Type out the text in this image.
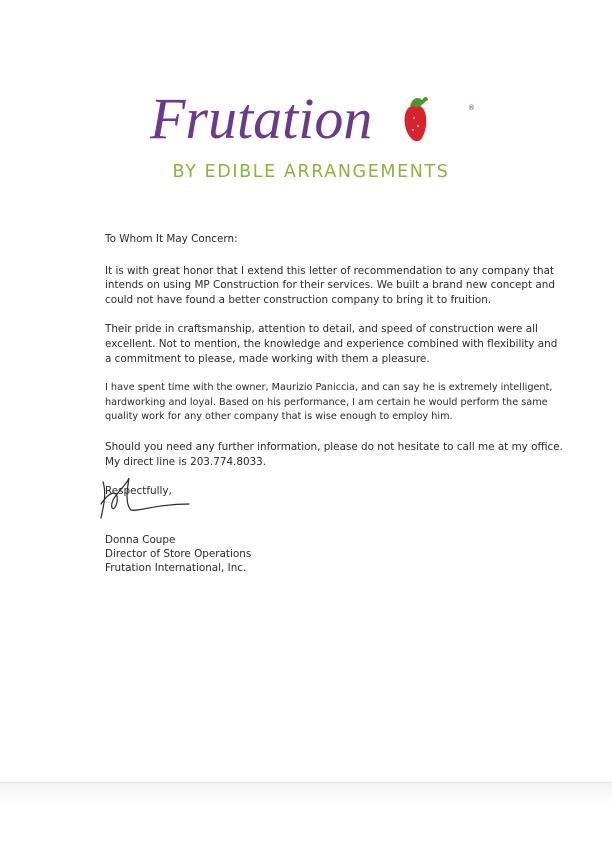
Frutation	®
BY EDIBLE ARRANGEMENTS

To Whom It May Concern:

It is with great honor that I extend this letter of recommendation to any company that intends on using MP Construction for their services. We built a brand new concept and could not have found a better construction company to bring it to fruition.

Their pride in craftsmanship, attention to detail, and speed of construction were all excellent. Not to mention, the knowledge and experience combined with flexibility and a commitment to please, made working with them a pleasure.

I have spent time with the owner, Maurizio Paniccia, and can say he is extremely intelligent, hardworking and loyal. Based on his performance, I am certain he would perform the same quality work for any other company that is wise enough to employ him.

Should you need any further information, please do not hesitate to call me at my office. My direct line is 203.774.8033.

Respectfully,

Donna Coupe

Director of Store Operations

Frutation International, Inc.
